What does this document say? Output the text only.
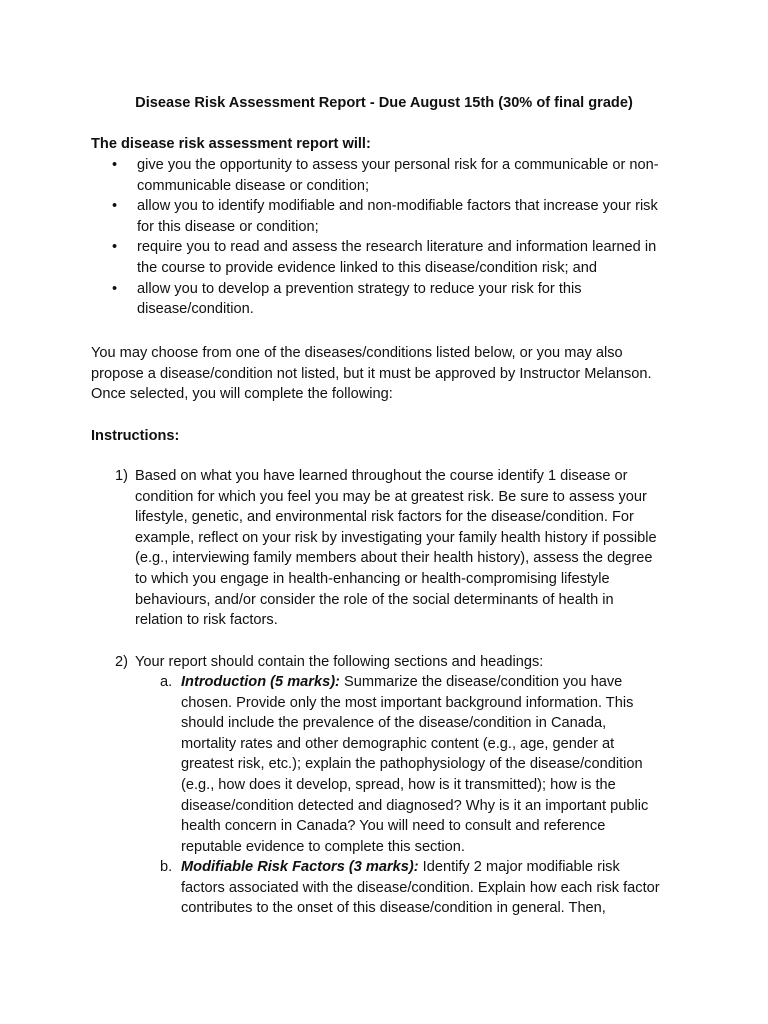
Disease Risk Assessment Report - Due August 15th (30% of final grade)
The disease risk assessment report will:
• give you the opportunity to assess your personal risk for a communicable or non-
communicable disease or condition;
• allow you to identify modifiable and non-modifiable factors that increase your risk
for this disease or condition;
• require you to read and assess the research literature and information learned in
the course to provide evidence linked to this disease/condition risk; and
• allow you to develop a prevention strategy to reduce your risk for this
disease/condition.
You may choose from one of the diseases/conditions listed below, or you may also
propose a disease/condition not listed, but it must be approved by Instructor Melanson.
Once selected, you will complete the following:
Instructions:
1) Based on what you have learned throughout the course identify 1 disease or
condition for which you feel you may be at greatest risk. Be sure to assess your
lifestyle, genetic, and environmental risk factors for the disease/condition. For
example, reflect on your risk by investigating your family health history if possible
(e.g., interviewing family members about their health history), assess the degree
to which you engage in health-enhancing or health-compromising lifestyle
behaviours, and/or consider the role of the social determinants of health in
relation to risk factors.
2) Your report should contain the following sections and headings:
a. Introduction (5 marks): Summarize the disease/condition you have
chosen. Provide only the most important background information. This
should include the prevalence of the disease/condition in Canada,
mortality rates and other demographic content (e.g., age, gender at
greatest risk, etc.); explain the pathophysiology of the disease/condition
(e.g., how does it develop, spread, how is it transmitted); how is the
disease/condition detected and diagnosed? Why is it an important public
health concern in Canada? You will need to consult and reference
reputable evidence to complete this section.
b. Modifiable Risk Factors (3 marks): Identify 2 major modifiable risk
factors associated with the disease/condition. Explain how each risk factor
contributes to the onset of this disease/condition in general. Then,
